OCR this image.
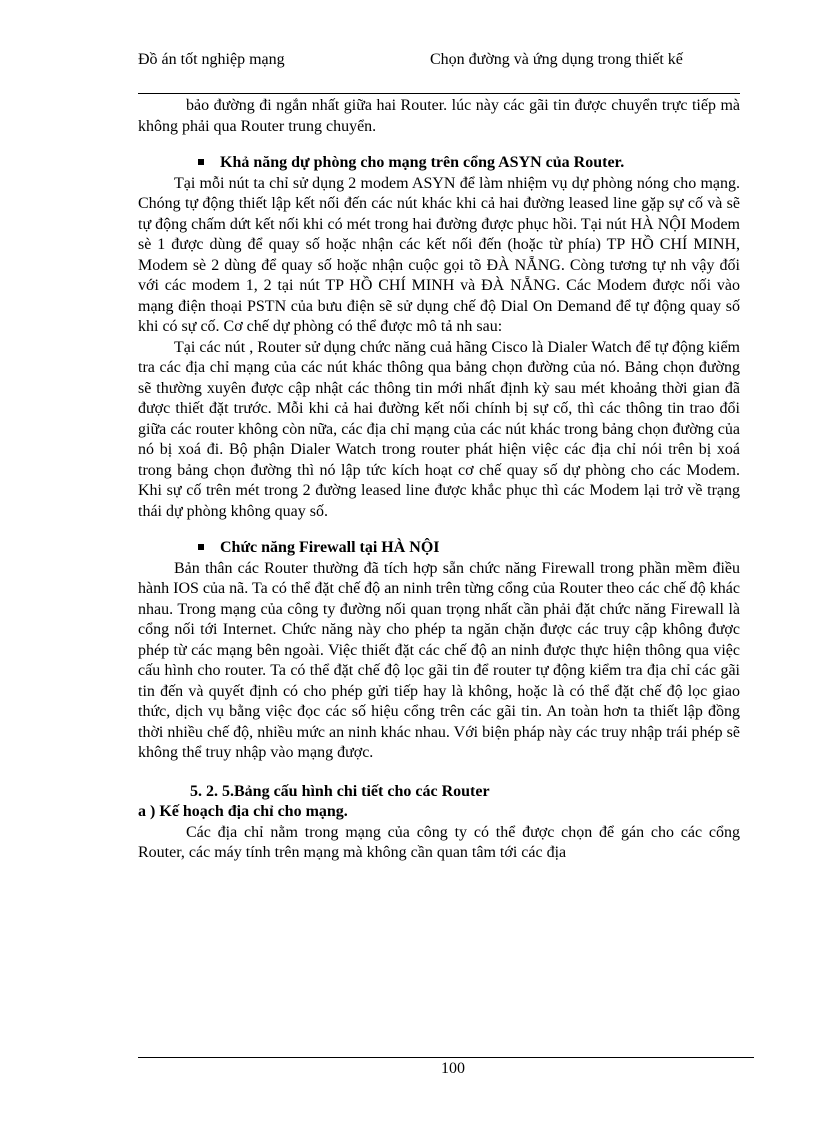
Đồ án tốt nghiệp mạng	Chọn đường và ứng dụng trong thiết kế

bảo đường đi ngắn nhất giữa hai Router. lúc này các gãi tin được chuyển trực tiếp mà không phải qua Router trung chuyển.

Khả năng dự phòng cho mạng trên cổng ASYN của Router.

Tại mỗi nút ta chỉ sử dụng 2 modem ASYN để làm nhiệm vụ dự phòng nóng cho mạng. Chóng tự động thiết lập kết nối đến các nút khác khi cả hai đường leased line gặp sự cố và sẽ tự động chấm dứt kết nối khi có mét trong hai đường được phục hồi. Tại nút HÀ NỘI Modem sè 1 được dùng để quay số hoặc nhận các kết nối đến (hoặc từ phía) TP HỒ CHÍ MINH, Modem sè 2 dùng để quay số hoặc nhận cuộc gọi tõ ĐÀ NẴNG. Còng tương tự nh vậy đối với các modem 1, 2 tại nút TP HỒ CHÍ MINH và ĐÀ NẴNG. Các Modem được nối vào mạng điện thoại PSTN của bưu điện sẽ sử dụng chế độ Dial On Demand để tự động quay số khi có sự cố. Cơ chế dự phòng có thể được mô tả nh sau:

Tại các nút , Router sử dụng chức năng cuả hãng Cisco là Dialer Watch để tự động kiểm tra các địa chỉ mạng của các nút khác thông qua bảng chọn đường của nó. Bảng chọn đường sẽ thường xuyên được cập nhật các thông tin mới nhất định kỳ sau mét khoảng thời gian đã được thiết đặt trước. Mỗi khi cả hai đường kết nối chính bị sự cố, thì các thông tin trao đổi giữa các router không còn nữa, các địa chỉ mạng của các nút khác trong bảng chọn đường của nó bị xoá đi. Bộ phận Dialer Watch trong router phát hiện việc các địa chỉ nói trên bị xoá trong bảng chọn đường thì nó lập tức kích hoạt cơ chế quay số dự phòng cho các Modem. Khi sự cố trên mét trong 2 đường leased line được khắc phục thì các Modem lại trở về trạng thái dự phòng không quay số.

Chức năng Firewall tại HÀ NỘI

Bản thân các Router thường đã tích hợp sẵn chức năng Firewall trong phần mềm điều hành IOS của nã. Ta có thể đặt chế độ an ninh trên từng cổng của Router theo các chế độ khác nhau. Trong mạng của công ty đường nối quan trọng nhất cần phải đặt chức năng Firewall là cổng nối tới Internet. Chức năng này cho phép ta ngăn chặn được các truy cập không được phép từ các mạng bên ngoài. Việc thiết đặt các chế độ an ninh được thực hiện thông qua việc cấu hình cho router. Ta có thể đặt chế độ lọc gãi tin để router tự động kiểm tra địa chỉ các gãi tin đến và quyết định có cho phép gửi tiếp hay là không, hoặc là có thể đặt chế độ lọc giao thức, dịch vụ bằng việc đọc các số hiệu cổng trên các gãi tin. An toàn hơn ta thiết lập đồng thời nhiều chế độ, nhiều mức an ninh khác nhau. Với biện pháp này các truy nhập trái phép sẽ không thể truy nhập vào mạng được.

5. 2. 5.Bảng cấu hình chi tiết cho các Router

a ) Kế hoạch địa chỉ cho mạng.

Các địa chỉ nằm trong mạng của công ty có thể được chọn để gán cho các cổng Router, các máy tính trên mạng mà không cần quan tâm tới các địa

100
